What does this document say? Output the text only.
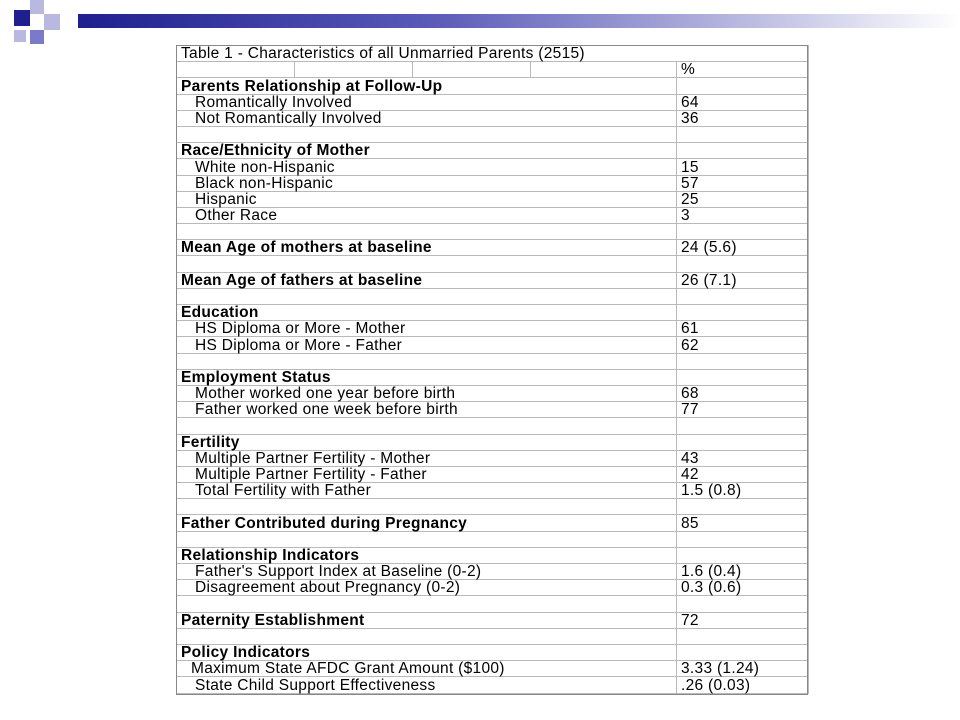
Table 1 - Characteristics of all Unmarried Parents (2515)				
				%
Parents Relationship at Follow-Up				
Romantically Involved				64
Not Romantically Involved				36

Race/Ethnicity of Mother				
White non-Hispanic				15
Black non-Hispanic				57
Hispanic				25
Other Race				3

Mean Age of mothers at baseline				24 (5.6)

Mean Age of fathers at baseline				26 (7.1)

Education				
HS Diploma or More - Mother				61
HS Diploma or More - Father				62

Employment Status				
Mother worked one year before birth				68
Father worked one week before birth				77

Fertility				
Multiple Partner Fertility - Mother				43
Multiple Partner Fertility - Father				42
Total Fertility with Father				1.5 (0.8)

Father Contributed during Pregnancy				85

Relationship Indicators				
Father's Support Index at Baseline (0-2)				1.6 (0.4)
Disagreement about Pregnancy (0-2)				0.3 (0.6)

Paternity Establishment				72

Policy Indicators				
Maximum State AFDC Grant Amount ($100)				3.33 (1.24)
State Child Support Effectiveness				.26 (0.03)
